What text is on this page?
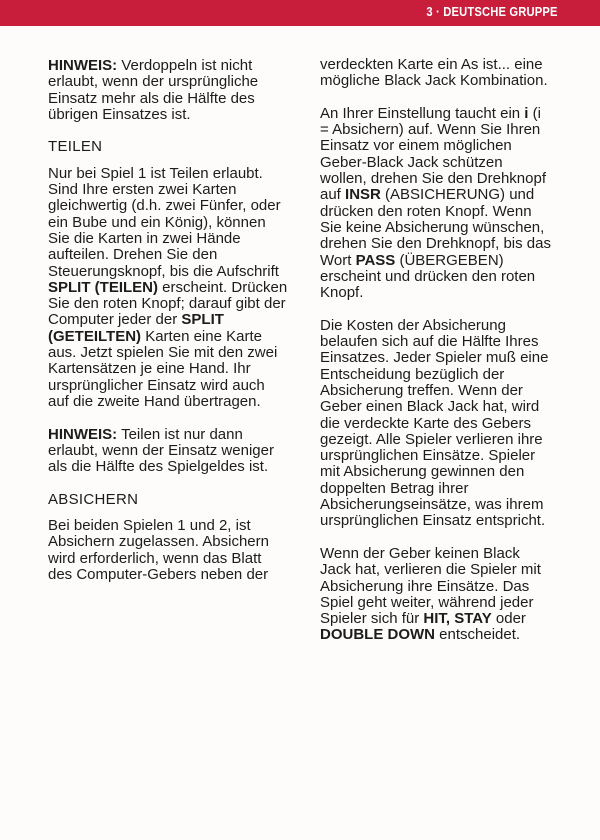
3 · DEUTSCHE GRUPPE

HINWEIS: Verdoppeln ist nicht erlaubt, wenn der ursprüngliche Einsatz mehr als die Hälfte des übrigen Einsatzes ist.

TEILEN

Nur bei Spiel 1 ist Teilen erlaubt. Sind Ihre ersten zwei Karten gleichwertig (d.h. zwei Fünfer, oder ein Bube und ein König), können Sie die Karten in zwei Hände aufteilen. Drehen Sie den Steuerungsknopf, bis die Aufschrift SPLIT (TEILEN) erscheint. Drücken Sie den roten Knopf; darauf gibt der Computer jeder der SPLIT (GETEILTEN) Karten eine Karte aus. Jetzt spielen Sie mit den zwei Kartensätzen je eine Hand. Ihr ursprünglicher Einsatz wird auch auf die zweite Hand übertragen.

HINWEIS: Teilen ist nur dann erlaubt, wenn der Einsatz weniger als die Hälfte des Spielgeldes ist.

ABSICHERN

Bei beiden Spielen 1 und 2, ist Absichern zugelassen. Absichern wird erforderlich, wenn das Blatt des Computer-Gebers neben der

verdeckten Karte ein As ist... eine mögliche Black Jack Kombination.

An Ihrer Einstellung taucht ein i (i = Absichern) auf. Wenn Sie Ihren Einsatz vor einem möglichen Geber-Black Jack schützen wollen, drehen Sie den Drehknopf auf INSR (ABSICHERUNG) und drücken den roten Knopf. Wenn Sie keine Absicherung wünschen, drehen Sie den Drehknopf, bis das Wort PASS (ÜBERGEBEN) erscheint und drücken den roten Knopf.

Die Kosten der Absicherung belaufen sich auf die Hälfte Ihres Einsatzes. Jeder Spieler muß eine Entscheidung bezüglich der Absicherung treffen. Wenn der Geber einen Black Jack hat, wird die verdeckte Karte des Gebers gezeigt. Alle Spieler verlieren ihre ursprünglichen Einsätze. Spieler mit Absicherung gewinnen den doppelten Betrag ihrer Absicherungseinsätze, was ihrem ursprünglichen Einsatz entspricht.

Wenn der Geber keinen Black Jack hat, verlieren die Spieler mit Absicherung ihre Einsätze. Das Spiel geht weiter, während jeder Spieler sich für HIT, STAY oder DOUBLE DOWN entscheidet.
